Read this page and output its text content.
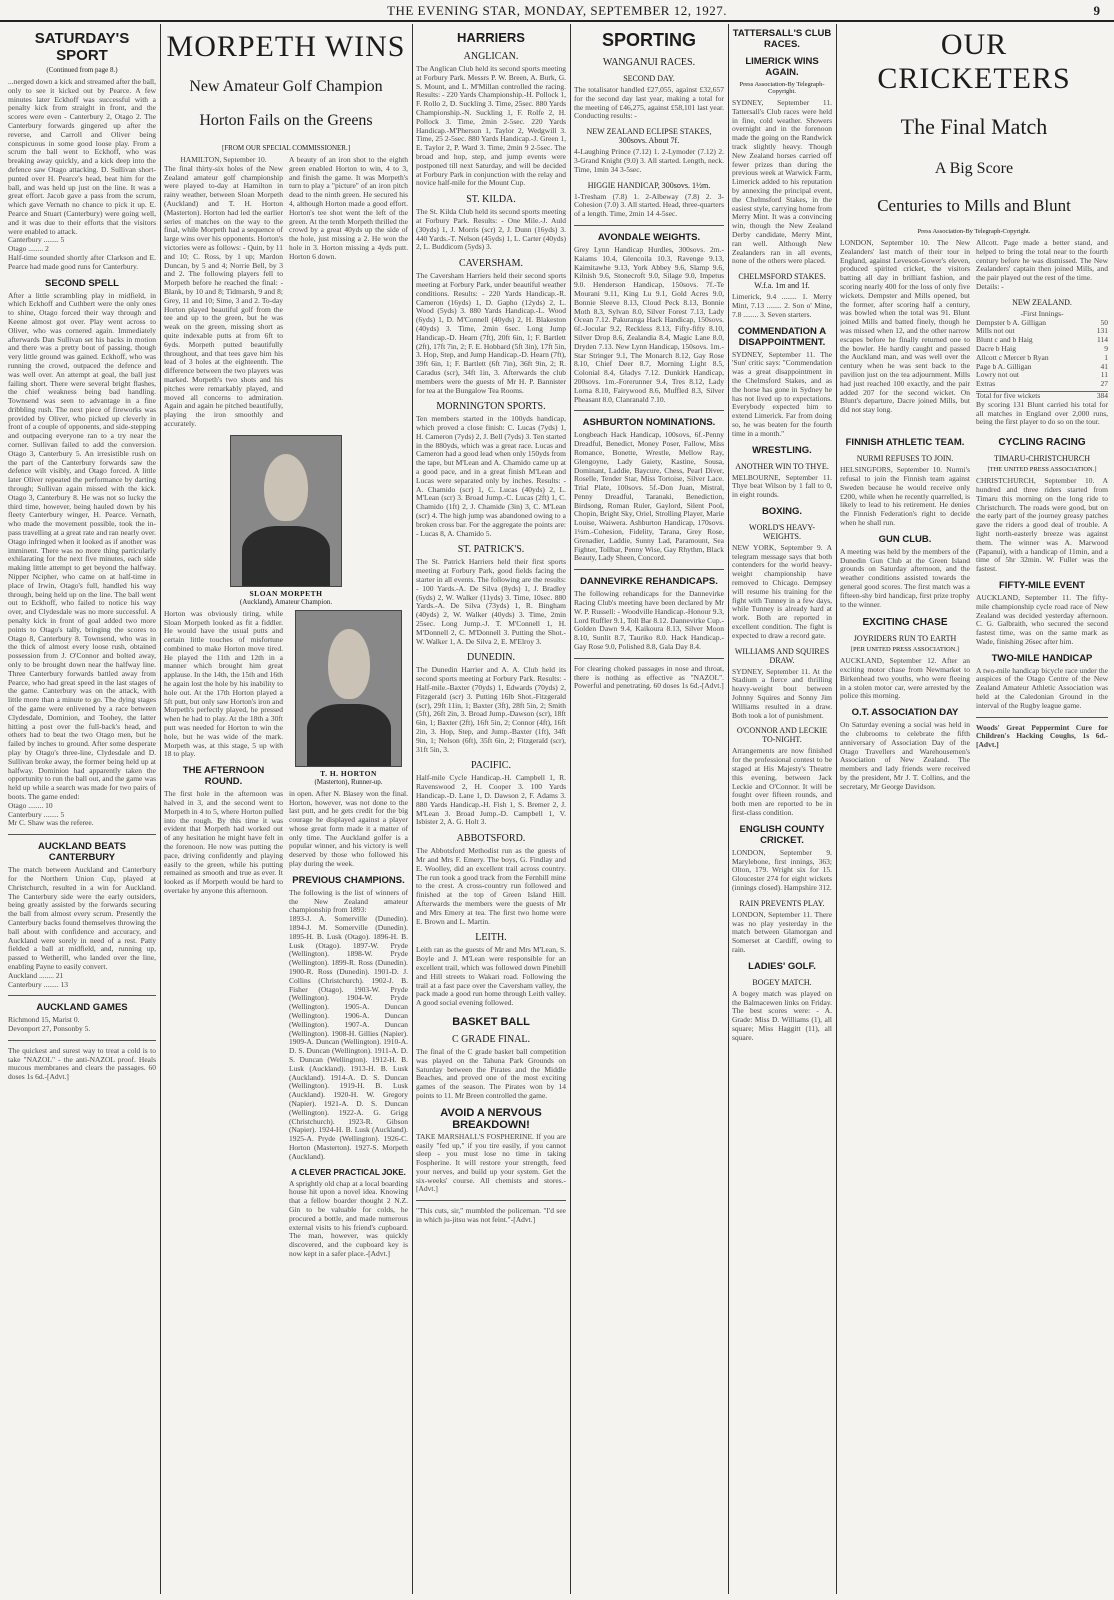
THE EVENING STAR, MONDAY, SEPTEMBER 12, 1927.	9
SATURDAY'S SPORT
(Continued from page 8.)
...nerged down a kick and streamed after the ball, only to see it kicked out by Pearce. A few minutes later Eckhoff was successful with a penalty kick from straight in front, and the scores were even - Canterbury 2, Otago 2. The Canterbury forwards gingered up after the reverse, and Carroll and Oliver being conspicuous in some good loose play. From a scrum the ball went to Eckhoff, who was breaking away quickly, and a kick deep into the defence saw Otago attacking. D. Sullivan short-punted over H. Pearce's head, beat him for the ball, and was held up just on the line. It was a great effort. Jacob gave a pass from the scrum, which gave Vernath no chance to pick it up. E. Pearce and Stuart (Canterbury) were going well, and it was due to their efforts that the visitors were enabled to attack.
Canterbury ........ 5
Otago ........ 2
Half-time sounded shortly after Clarkson and E. Pearce had made good runs for Canterbury.
SECOND SPELL
After a little scrambling play in midfield, in which Eckhoff and Cuthbert were the only ones to shine, Otago forced their way through and Keene almost got over. Play went across to Oliver, who was cornered again. Immediately afterwards Dan Sullivan set his backs in motion and there was a pretty bout of passing, though very little ground was gained. Eckhoff, who was running the crowd, outpaced the defence and was well over. An attempt at goal, the ball just failing short. There were several bright flashes, the chief weakness being bad handling. Townsend was seen to advantage in a fine dribbling rush. The next piece of fireworks was provided by Oliver, who picked up cleverly in front of a couple of opponents, and side-stepping and outpacing everyone ran to a try near the corner. Sullivan failed to add the conversion. Otago 3, Canterbury 5. An irresistible rush on the part of the Canterbury forwards saw the defence wilt visibly, and Otago forced. A little later Oliver repeated the performance by darting through; Sullivan again missed with the kick. Otago 3, Canterbury 8. He was not so lucky the third time, however, being hauled down by his fleety Canterbury winger, H. Pearce. Vernath, who made the movement possible, took the in-pass travelling at a great rate and ran nearly over. Otago infringed when it looked as if another was imminent. There was no more thing particularly exhilarating for the next five minutes, each side making little attempt to get beyond the halfway. Nipper Ncipher, who came on at half-time in place of Irwin, Otago's full, handled his way through, being held up on the line. The ball went out to Eckhoff, who failed to notice his way over, and Clydesdale was no more successful. A penalty kick in front of goal added two more points to Otago's tally, bringing the scores to Otago 8, Canterbury 8. Townsend, who was in the thick of almost every loose rush, obtained possession from J. O'Connor and bolted away, only to be brought down near the halfway line. Three Canterbury forwards battled away from Pearce, who had great speed in the last stages of the game. Canterbury was on the attack, with little more than a minute to go. The dying stages of the game were enlivened by a race between Clydesdale, Dominion, and Toohey, the latter hitting a post over the full-back's head, and others had to beat the two Otago men, but he failed by inches to ground. After some desperate play by Otago's three-line, Clydesdale and D. Sullivan broke away, the former being held up at halfway. Dominion had apparently taken the opportunity to run the ball out, and the game was held up while a search was made for two pairs of boots. The game ended:
Otago ........ 10
Canterbury ........ 5
Mr C. Shaw was the referee.
AUCKLAND BEATS CANTERBURY
The match between Auckland and Canterbury for the Northern Union Cup, played at Christchurch, resulted in a win for Auckland. The Canterbury side were the early outsiders, being greatly assisted by the forwards securing the ball from almost every scrum. Presently the Canterbury backs found themselves throwing the ball about with confidence and accuracy, and Auckland were sorely in need of a rest. Patty fielded a ball at midfield, and, running up, passed to Wetherill, who landed over the line, enabling Payne to easily convert.
Auckland ........ 21
Canterbury ........ 13
AUCKLAND GAMES
Richmond 15, Marist 0.
Devonport 27, Ponsonby 5.
The quickest and surest way to treat a cold is to take "NAZOL" - the anti-NAZOL proof. Heals mucous membranes and clears the passages. 60 doses 1s 6d.-[Advt.]
MORPETH WINS
New Amateur Golf Champion
Horton Fails on the Greens
[FROM OUR SPECIAL COMMISSIONER.]
HAMILTON, September 10.
The final thirty-six holes of the New Zealand amateur golf championship were played to-day at Hamilton in rainy weather, between Sloan Morpeth (Auckland) and T. H. Horton (Masterton). Horton had led the earlier series of matches on the way to the final, while Morpeth had a sequence of large wins over his opponents. Horton's victories were as follows: - Quin, by 11 and 10; C. Ross, by 1 up; Mardon Duncan, by 5 and 4; Norrie Bell, by 3 and 2. The following players fell to Morpeth before he reached the final: - Blank, by 10 and 8; Tidmarsh, 9 and 8; Grey, 11 and 10; Sime, 3 and 2. To-day Horton played beautiful golf from the tee and up to the green, but he was weak on the green, missing short as quite indexable putts at from 6ft to 6yds. Morpeth putted beautifully throughout, and that tees gave him his lead of 3 holes at the eighteenth. The difference between the two players was marked. Morpeth's two shots and his pitches were remarkably played, and moved all concerns to admiration. Again and again he pitched beautifully, playing the iron smoothly and accurately.
A beauty of an iron shot to the eighth green enabled Horton to win, 4 to 3, and finish the game. It was Morpeth's turn to play a "picture" of an iron pitch dead to the ninth green. He secured his 4, although Horton made a good effort. Horton's tee shot went the left of the green. At the tenth Morpeth thrilled the crowd by a great 40yds up the side of the hole, just missing a 2. He won the hole in 3. Horton missing a 4yds putt. Horton 6 down.
SLOAN MORPETH
(Auckland), Amateur Champion.
Horton was obviously tiring, while Sloan Morpeth looked as fit a fiddler. He would have the usual putts and certain little touches of misfortune combined to make Horton move tired. He played the 11th and 12th in a manner which brought him great applause. In the 14th, the 15th and 16th he again lost the hole by his inability to hole out. At the 17th Horton played a 5ft putt, but only saw Horton's iron and Morpeth's perfectly played, he pressed when he had to play. At the 18th a 30ft putt was needed for Horton to win the hole, but he was wide of the mark. Morpeth was, at this stage, 5 up with 18 to play.
THE AFTERNOON ROUND.
The first hole in the afternoon was halved in 3, and the second went to Morpeth in 4 to 5, where Horton pulled into the rough. By this time it was evident that Morpeth had worked out of any hesitation he might have felt in the forenoon. He now was putting the pace, driving confidently and playing easily to the green, while his putting remained as smooth and true as ever. It looked as if Morpeth would be hard to overtake by anyone this afternoon.
T. H. HORTON
(Masterton), Runner-up.
in open. After N. Blasey won the final. Horton, however, was not done to the last putt, and he gets credit for the big courage he displayed against a player whose great form made it a matter of only time. The Auckland golfer is a popular winner, and his victory is well deserved by those who followed his play during the week.
PREVIOUS CHAMPIONS.
The following is the list of winners of the New Zealand amateur championship from 1893:
1893-J. A. Somerville (Dunedin). 1894-J. M. Somerville (Dunedin). 1895-H. B. Lusk (Otago). 1896-H. B. Lusk (Otago). 1897-W. Pryde (Wellington). 1898-W. Pryde (Wellington). 1899-R. Ross (Dunedin). 1900-R. Ross (Dunedin). 1901-D. J. Collins (Christchurch). 1902-J. B. Fisher (Otago). 1903-W. Pryde (Wellington). 1904-W. Pryde (Wellington). 1905-A. Duncan (Wellington). 1906-A. Duncan (Wellington). 1907-A. Duncan (Wellington). 1908-H. Gillies (Napier). 1909-A. Duncan (Wellington). 1910-A. D. S. Duncan (Wellington). 1911-A. D. S. Duncan (Wellington). 1912-H. B. Lusk (Auckland). 1913-H. B. Lusk (Auckland). 1914-A. D. S. Duncan (Wellington). 1919-H. B. Lusk (Auckland). 1920-H. W. Gregory (Napier). 1921-A. D. S. Duncan (Wellington). 1922-A. G. Grigg (Christchurch). 1923-R. Gibson (Napier). 1924-H. B. Lusk (Auckland). 1925-A. Pryde (Wellington). 1926-C. Horton (Masterton). 1927-S. Morpeth (Auckland).
A CLEVER PRACTICAL JOKE.
A sprightly old chap at a local boarding house hit upon a novel idea. Knowing that a fellow boarder thought 2 N.Z. Gin to be valuable for colds, he procured a bottle, and made numerous external visits to his friend's cupboard. The man, however, was quickly discovered, and the cupboard key is now kept in a safer place.-[Advt.]
HARRIERS
ANGLICAN.
The Anglican Club held its second sports meeting at Forbury Park. Messrs P. W. Breen, A. Burk, G. S. Mount, and L. M'Millan controlled the racing. Results: - 220 Yards Championship.-H. Pollock 1, F. Rollo 2, D. Suckling 3. Time, 25sec. 880 Yards Championship.-N. Suckling 1, F. Rolfe 2, H. Pollock 3. Time, 2min 2-5sec. 220 Yards Handicap.-M'Pherson 1, Taylor 2, Wedgwill 3. Time, 25 2-5sec. 880 Yards Handicap.-J. Green 1, E. Taylor 2, P. Ward 3. Time, 2min 9 2-5sec. The broad and hop, step, and jump events were postponed till next Saturday, and will be decided at Forbury Park in conjunction with the relay and novice half-mile for the Mount Cup.
ST. KILDA.
The St. Kilda Club held its second sports meeting at Forbury Park. Results: - One Mile.-J. Auld (30yds) 1, J. Morris (scr) 2, J. Dunn (16yds) 3. 440 Yards.-T. Nelson (45yds) 1, L. Carter (40yds) 2, L. Buddicom (5yds) 3.
CAVERSHAM.
The Caversham Harriers held their second sports meeting at Forbury Park, under beautiful weather conditions. Results: - 220 Yards Handicap.-R. Cameron (16yds) 1, D. Gapho (12yds) 2, L. Wood (5yds) 3. 880 Yards Handicap.-L. Wood (6yds) 1, D. M'Connell (40yds) 2, H. Blakeston (40yds) 3. Time, 2min 6sec. Long Jump Handicap.-D. Hearn (7ft), 20ft 6in, 1; F. Bartlett (2ft), 17ft 7in, 2; F. E. Hobbard (5ft 3in), 17ft 5in, 3. Hop, Step, and Jump Handicap.-D. Hearn (7ft), 39ft 6in, 1; F. Bartlett (6ft 7in), 36ft 9in, 2; R. Caradus (scr), 34ft 1in, 3. Afterwards the club members were the guests of Mr H. P. Bannister for tea at the Bungalow Tea Rooms.
MORNINGTON SPORTS.
Ten members started in the 100yds handicap, which proved a close finish: C. Lucas (7yds) 1, H. Cameron (7yds) 2, J. Bell (7yds) 3. Ten started in the 880yds, which was a great race. Lucas and Cameron had a good lead when only 150yds from the tape, but M'Lean and A. Chamido came up at a good pace, and in a great finish M'Lean and Lucas were separated only by inches. Results: - A. Chamido (scr) 1, C. Lucas (40yds) 2, L. M'Lean (scr) 3. Broad Jump.-C. Lucas (2ft) 1, C. Chamido (1ft) 2, J. Chamide (3in) 3, C. M'Lean (scr) 4. The high jump was abandoned owing to a broken cross bar. For the aggregate the points are: - Lucas 8, A. Chamido 5.
ST. PATRICK'S.
The St. Patrick Harriers held their first sports meeting at Forbury Park, good fields facing the starter in all events. The following are the results: - 100 Yards.-A. De Silva (8yds) 1, J. Bradley (6yds) 2, W. Walker (11yds) 3. Time, 10sec. 880 Yards.-A. De Silva (73yds) 1, R. Bingham (40yds) 2, W. Walker (40yds) 3. Time, 2min 25sec. Long Jump.-J. T. M'Connell 1, H. M'Donnell 2, C. M'Donnell 3. Putting the Shot.-W. Walker 1, A. De Silva 2, E. M'Elroy 3.
DUNEDIN.
The Dunedin Harrier and A. A. Club held its second sports meeting at Forbury Park. Results: - Half-mile.-Baxter (70yds) 1, Edwards (70yds) 2, Fitzgerald (scr) 3. Putting 16lb Shot.-Fitzgerald (scr), 29ft 11in, 1; Baxter (3ft), 28ft 5in, 2; Smith (5ft), 26ft 2in, 3. Broad Jump.-Dawson (scr), 18ft 6in, 1; Baxter (2ft), 16ft 5in, 2; Connor (4ft), 16ft 2in, 3. Hop, Step, and Jump.-Baxter (1ft), 34ft 9in, 1; Nelson (6ft), 35ft 6in, 2; Fitzgerald (scr), 31ft 5in, 3.
PACIFIC.
Half-mile Cycle Handicap.-H. Campbell 1, R. Ravenswood 2, H. Cooper 3. 100 Yards Handicap.-D. Lane 1, D. Dawson 2, F. Adams 3. 880 Yards Handicap.-H. Fish 1, S. Bremer 2, J. M'Lean 3. Broad Jump.-D. Campbell 1, V. Isbister 2, A. G. Holt 3.
ABBOTSFORD.
The Abbotsford Methodist run as the guests of Mr and Mrs F. Emery. The boys, G. Findlay and E. Woolley, did an excellent trail across country. The run took a good track from the Fernhill mine to the crest. A cross-country run followed and finished at the top of Green Island Hill. Afterwards the members were the guests of Mr and Mrs Emery at tea. The first two home were E. Brown and L. Martin.
LEITH.
Leith ran as the guests of Mr and Mrs M'Lean, S. Boyle and J. M'Lean were responsible for an excellent trail, which was followed down Pinehill and Hill streets to Wakari road. Following the trail at a fast pace over the Caversham valley, the pack made a good run home through Leith valley. A good social evening followed.
BASKET BALL
C GRADE FINAL.
The final of the C grade basket ball competition was played on the Tahuna Park Grounds on Saturday between the Pirates and the Middle Beaches, and proved one of the most exciting games of the season. The Pirates won by 14 points to 11. Mr Breen controlled the game.
AVOID A NERVOUS BREAKDOWN!
TAKE MARSHALL'S FOSPHERINE. If you are easily "fed up," if you tire easily, if you cannot sleep - you must lose no time in taking Fospherine. It will restore your strength, feed your nerves, and build up your system. Get the six-weeks' course. All chemists and stores.-[Advt.]
"This cuts, sir," mumbled the policeman. "I'd see in which ju-jitsu was not feint."-[Advt.]
SPORTING
WANGANUI RACES.
SECOND DAY.
The totalisator handled £27,055, against £32,657 for the second day last year, making a total for the meeting of £46,275, against £58,101 last year. Conducting results: -
NEW ZEALAND ECLIPSE STAKES, 300sovs. About 7f.
4-Laughing Prince (7.12) 1. 2-Lymoder (7.12) 2. 3-Grand Knight (9.0) 3. All started. Length, neck. Time, 1min 34 3-5sec.
HIGGIE HANDICAP, 300sovs. 1½m.
1-Tresham (7.8) 1. 2-Albeway (7.8) 2. 3-Cohesion (7.0) 3. All started. Head, three-quarters of a length. Time, 2min 14 4-5sec.
AVONDALE WEIGHTS.
Grey Lynn Handicap Hurdles, 300sovs. 2m.-Kaiams 10.4, Glencoila 10.3, Ravenge 9.13, Kaimitawhe 9.13, York Abbey 9.6, Slamp 9.6, Kilnish 9.6, Stonecroft 9.0, Silage 9.0, Impetus 9.0. Henderson Handicap, 150sovs. 7f.-Te Mourani 9.11, King Lu 9.1, Gold Acres 9.0, Bonnie Sleeve 8.13, Cloud Peck 8.13, Bonnie Moth 8.3, Sylvan 8.0, Silver Forest 7.13, Lady Ocean 7.12. Pakuranga Hack Handicap, 150sovs. 6f.-Jocular 9.2, Reckless 8.13, Fifty-fifty 8.10, Silver Drop 8.6, Zealandia 8.4, Magic Lane 8.0, Dryden 7.13. New Lynn Handicap, 150sovs. 1m.-Star Stringer 9.1, The Monarch 8.12, Gay Rose 8.10, Chief Deer 8.7, Morning Light 8.5, Colonial 8.4, Gladys 7.12. Dunkirk Handicap, 200sovs. 1m.-Forerunner 9.4, Tres 8.12, Lady Lorna 8.10, Fairywood 8.6, Muffled 8.3, Silver Pheasant 8.0, Clanranald 7.10.
ASHBURTON NOMINATIONS.
Longbeach Hack Handicap, 100sovs, 6f.-Penny Dreadful, Benedict, Money Poser, Fallow, Miss Romance, Bonette, Wrestle, Mellow Ray, Glengoyne, Lady Gaiety, Kastine, Sousa, Dominant, Laddie, Baycure, Chess, Pearl Diver, Roselle, Tender Star, Miss Tortoise, Silver Lace. Trial Plate, 100sovs. 5f.-Don Juan, Mistral, Penny Dreadful, Taranaki, Benediction, Birdsong, Roman Ruler, Gaylord, Silent Pool, Chopin, Bright Sky, Oriel, Strolling Player, Marie Louise, Waiwera. Ashburton Handicap, 170sovs. 1¼m.-Cohesion, Fidelity, Tarana, Grey Rose, Grenadier, Laddie, Sunny Lad, Paramount, Sea Fighter, Tollbar, Penny Wise, Gay Rhythm, Black Beauty, Lady Sheen, Concord.
DANNEVIRKE REHANDICAPS.
The following rehandicaps for the Dannevirke Racing Club's meeting have been declared by Mr W. P. Russell: - Woodville Handicap.-Honour 9.3, Lord Ruffler 9.1, Toll Bar 8.12. Dannevirke Cup.-Golden Dawn 9.4, Kaikoura 8.13, Silver Moon 8.10, Sunlit 8.7, Tauriko 8.0. Hack Handicap.-Gay Rose 9.0, Polished 8.8, Gala Day 8.4.
For clearing choked passages in nose and throat, there is nothing as effective as "NAZOL". Powerful and penetrating. 60 doses 1s 6d.-[Advt.]
TATTERSALL'S CLUB RACES.
LIMERICK WINS AGAIN.
Press Association-By Telegraph-Copyright.
SYDNEY, September 11. Tattersall's Club races were held in fine, cold weather. Showers overnight and in the forenoon made the going on the Randwick track slightly heavy. Though New Zealand horses carried off fewer prizes than during the previous week at Warwick Farm, Limerick added to his reputation by annexing the principal event, the Chelmsford Stakes, in the easiest style, carrying home from Merry Mint. It was a convincing win, though the New Zealand Derby candidate, Merry Mint, ran well. Although New Zealanders ran in all events, none of the others were placed.
CHELMSFORD STAKES. W.f.a. 1m and 1f.
Limerick, 9.4 ........ 1. Merry Mint, 7.13 ........ 2. Son o' Mine, 7.8 ........ 3. Seven starters.
COMMENDATION A DISAPPOINTMENT.
SYDNEY, September 11. The 'Sun' critic says: "Commendation was a great disappointment in the Chelmsford Stakes, and as the horse has gone in Sydney he has not lived up to expectations. Everybody expected him to extend Limerick. Far from doing so, he was beaten for the fourth time in a month."
WRESTLING.
ANOTHER WIN TO THYE.
MELBOURNE, September 11. Thye beat Wilson by 1 fall to 0, in eight rounds.
BOXING.
WORLD'S HEAVY-WEIGHTS.
NEW YORK, September 9. A telegram message says that both contenders for the world heavy-weight championship have removed to Chicago. Dempsey will resume his training for the fight with Tunney in a few days, while Tunney is already hard at work. Both are reported in excellent condition. The fight is expected to draw a record gate.
WILLIAMS AND SQUIRES DRAW.
SYDNEY, September 11. At the Stadium a fierce and thrilling heavy-weight bout between Johnny Squires and Sonny Jim Williams resulted in a draw. Both took a lot of punishment.
O'CONNOR AND LECKIE TO-NIGHT.
Arrangements are now finished for the professional contest to be staged at His Majesty's Theatre this evening, between Jack Leckie and O'Connor. It will be fought over fifteen rounds, and both men are reported to be in first-class condition.
ENGLISH COUNTY CRICKET.
LONDON, September 9. Marylebone, first innings, 363; Olton, 179. Wright six for 15. Gloucester 274 for eight wickets (innings closed). Hampshire 312.
RAIN PREVENTS PLAY.
LONDON, September 11. There was no play yesterday in the match between Glamorgan and Somerset at Cardiff, owing to rain.
LADIES' GOLF.
BOGEY MATCH.
A bogey match was played on the Balmacewen links on Friday. The best scores were: - A. Grade: Miss D. Williams (1), all square; Miss Haggitt (11), all square.
OUR CRICKETERS
The Final Match
A Big Score
Centuries to Mills and Blunt
Press Association-By Telegraph-Copyright.
LONDON, September 10. The New Zealanders' last match of their tour in England, against Leveson-Gower's eleven, produced spirited cricket, the visitors batting all day in brilliant fashion, and scoring nearly 400 for the loss of only five wickets. Dempster and Mills opened, but the former, after scoring half a century, was bowled when the total was 91. Blunt joined Mills and batted finely, though he was missed when 12, and the other narrow escapes before he finally returned one to the bowler. He hardly caught and passed the Auckland man, and was well over the century when he was sent back to the pavilion just on the tea adjournment. Mills had just reached 100 exactly, and the pair added 207 for the second wicket. On Blunt's departure, Dacre joined Mills, but did not stay long.
Allcott. Page made a better stand, and helped to bring the total near to the fourth century before he was dismissed. The New Zealanders' captain then joined Mills, and the pair played out the rest of the time.
Details: -
NEW ZEALAND.
-First Innings-
Dempster b A. Gilligan	50
Mills not out	131
Blunt c and b Haig	114
Dacre b Haig	9
Allcott c Mercer b Ryan	1
Page b A. Gilligan	41
Lowry not out	11
Extras	27
Total for five wickets	384
By scoring 131 Blunt carried his total for all matches in England over 2,000 runs, being the first player to do so on the tour.
FINNISH ATHLETIC TEAM.
NURMI REFUSES TO JOIN.
HELSINGFORS, September 10. Nurmi's refusal to join the Finnish team against Sweden because he would receive only £200, while when he recently quarrelled, is likely to lead to his retirement. He denies the Finnish Federation's right to decide when he shall run.
GUN CLUB.
A meeting was held by the members of the Dunedin Gun Club at the Green Island grounds on Saturday afternoon, and the weather conditions assisted towards the general good scores. The first match was a fifteen-shy bird handicap, first prize trophy to the winner.
EXCITING CHASE
JOYRIDERS RUN TO EARTH
[PER UNITED PRESS ASSOCIATION.]
AUCKLAND, September 12. After an exciting motor chase from Newmarket to Birkenhead two youths, who were fleeing in a stolen motor car, were arrested by the police this morning.
O.T. ASSOCIATION DAY
On Saturday evening a social was held in the clubrooms to celebrate the fifth anniversary of Association Day of the Otago Travellers and Warehousemen's Association of New Zealand. The members and lady friends were received by the president, Mr J. T. Collins, and the secretary, Mr George Davidson.
CYCLING RACING
TIMARU-CHRISTCHURCH
[THE UNITED PRESS ASSOCIATION.]
CHRISTCHURCH, September 10. A hundred and three riders started from Timaru this morning on the long ride to Christchurch. The roads were good, but on the early part of the journey greasy patches gave the riders a good deal of trouble. A light north-easterly breeze was against them. The winner was A. Marwood (Papanui), with a handicap of 11min, and a time of 5hr 32min. W. Fuller was the fastest.
FIFTY-MILE EVENT
AUCKLAND, September 11. The fifty-mile championship cycle road race of New Zealand was decided yesterday afternoon. C. G. Galbraith, who secured the second fastest time, was on the same mark as Wade, finishing 26sec after him.
TWO-MILE HANDICAP
A two-mile handicap bicycle race under the auspices of the Otago Centre of the New Zealand Amateur Athletic Association was held at the Caledonian Ground in the interval of the Rugby league game.
Woods' Great Peppermint Cure for Children's Hacking Coughs, 1s 6d.-[Advt.]
